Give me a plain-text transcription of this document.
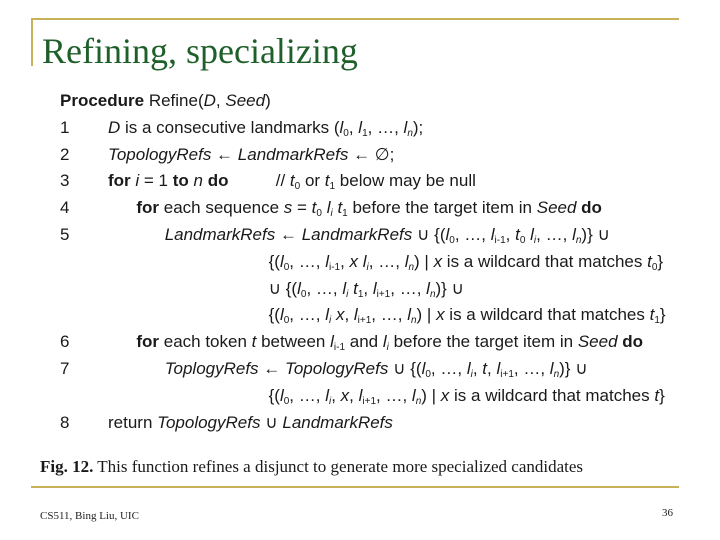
Refining, specializing
Procedure Refine(D, Seed)
1	D is a consecutive landmarks ($l_0$, $l_1$, …, $l_n$);
2	TopologyRefs ← LandmarkRefs ← ∅;
3	for i = 1 to n do          // $t_0$ or $t_1$ below may be null
4	for each sequence $s = t_0$ $l_i$ $t_1$ before the target item in Seed do
5	LandmarkRefs ← LandmarkRefs ∪ {($l_0$, …, $l_{i-1}$, $t_0$ $l_i$, …, $l_n$)} ∪
{($l_0$, …, $l_{i-1}$, x $l_i$, …, $l_n$) | x is a wildcard that matches $t_0$}
∪ {($l_0$, …, $l_i$ $t_1$, $l_{i+1}$, …, $l_n$)} ∪
{($l_0$, …, $l_i$ x, $l_{i+1}$, …, $l_n$) | x is a wildcard that matches $t_1$}
6	for each token t between $l_{i-1}$ and $l_i$ before the target item in Seed do
7	ToplogyRefs ← TopologyRefs ∪ {($l_0$, …, $l_i$, t, $l_{i+1}$, …, $l_n$)} ∪
{($l_0$, …, $l_i$, x, $l_{i+1}$, …, $l_n$) | x is a wildcard that matches t}
8	return TopologyRefs ∪ LandmarkRefs
Fig. 12. This function refines a disjunct to generate more specialized candidates
CS511, Bing Liu, UIC	36
